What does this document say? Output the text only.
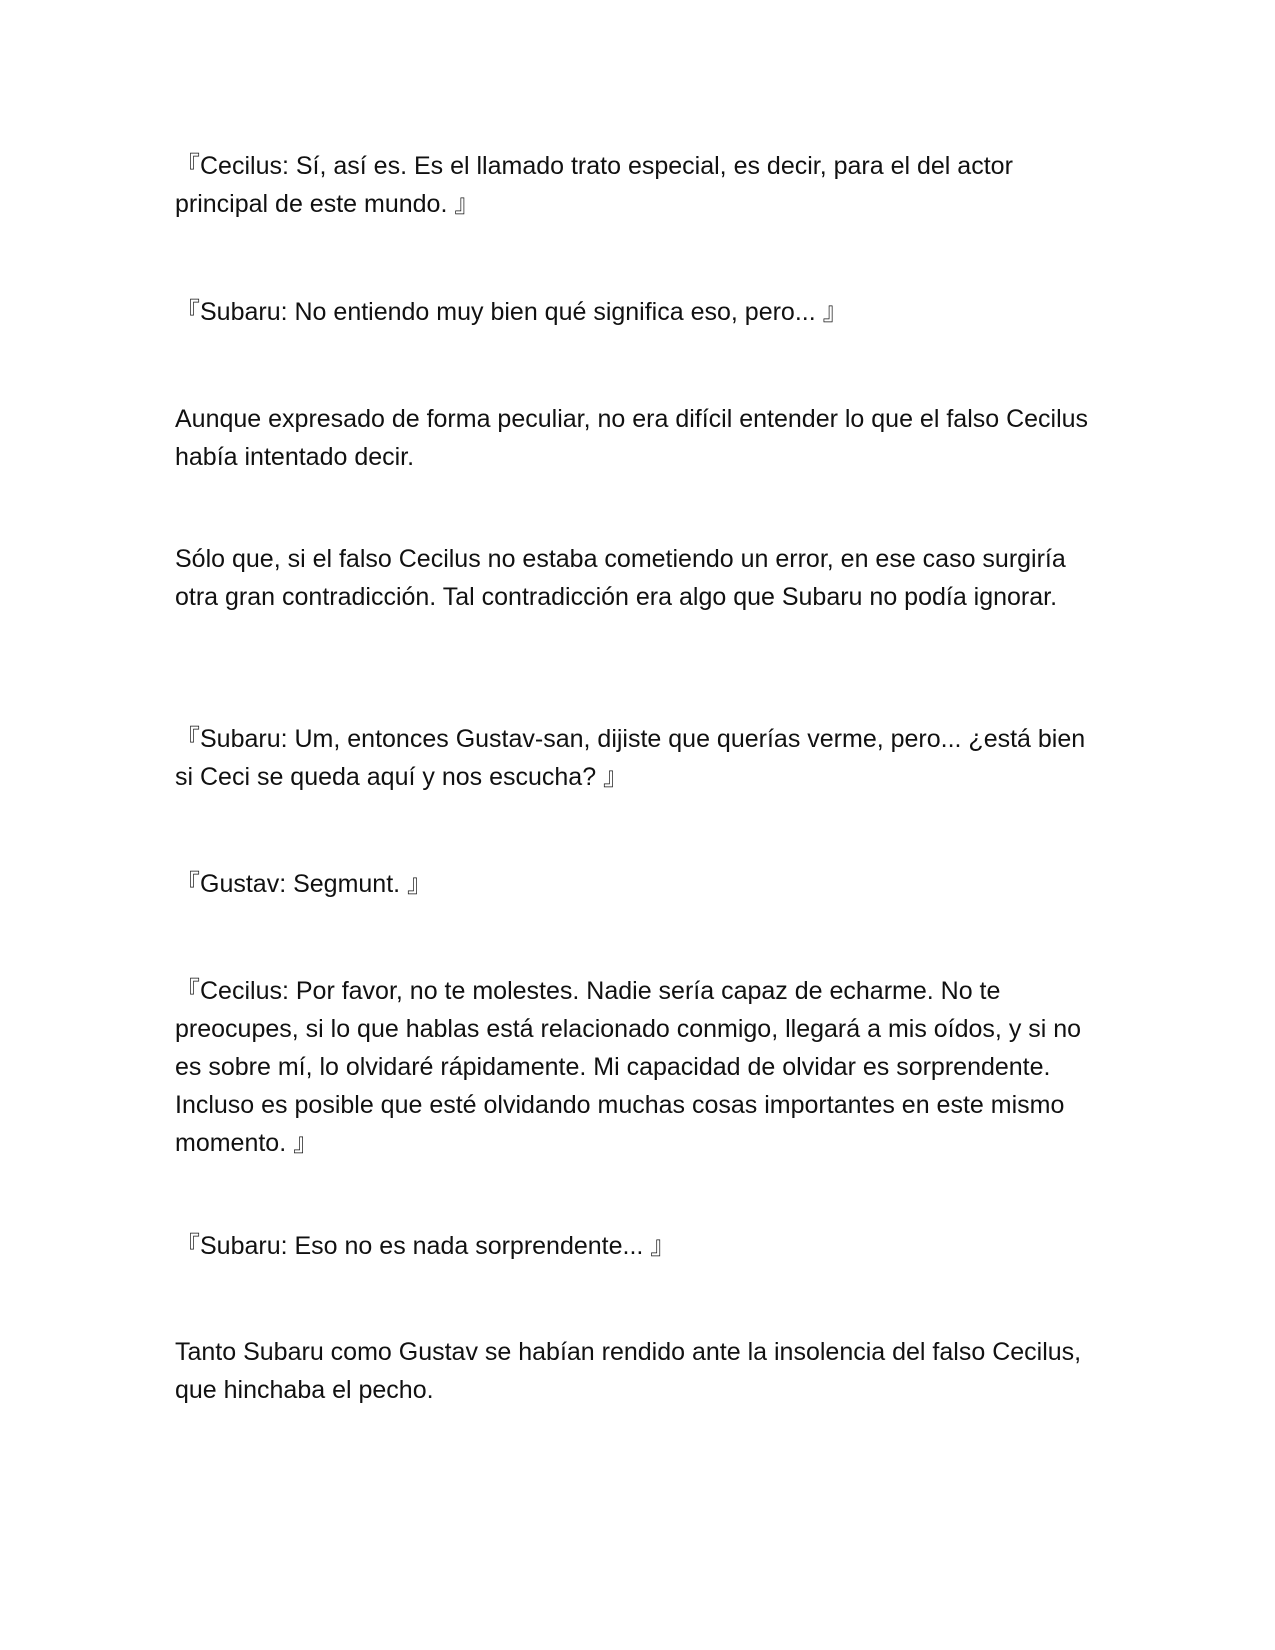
『Cecilus: Sí, así es. Es el llamado trato especial, es decir, para el del actor principal de este mundo. 』

『Subaru: No entiendo muy bien qué significa eso, pero... 』

Aunque expresado de forma peculiar, no era difícil entender lo que el falso Cecilus había intentado decir.

Sólo que, si el falso Cecilus no estaba cometiendo un error, en ese caso surgiría otra gran contradicción. Tal contradicción era algo que Subaru no podía ignorar.

『Subaru: Um, entonces Gustav-san, dijiste que querías verme, pero... ¿está bien si Ceci se queda aquí y nos escucha? 』

『Gustav: Segmunt. 』

『Cecilus: Por favor, no te molestes. Nadie sería capaz de echarme. No te preocupes, si lo que hablas está relacionado conmigo, llegará a mis oídos, y si no es sobre mí, lo olvidaré rápidamente. Mi capacidad de olvidar es sorprendente. Incluso es posible que esté olvidando muchas cosas importantes en este mismo momento. 』

『Subaru: Eso no es nada sorprendente... 』

Tanto Subaru como Gustav se habían rendido ante la insolencia del falso Cecilus, que hinchaba el pecho.
